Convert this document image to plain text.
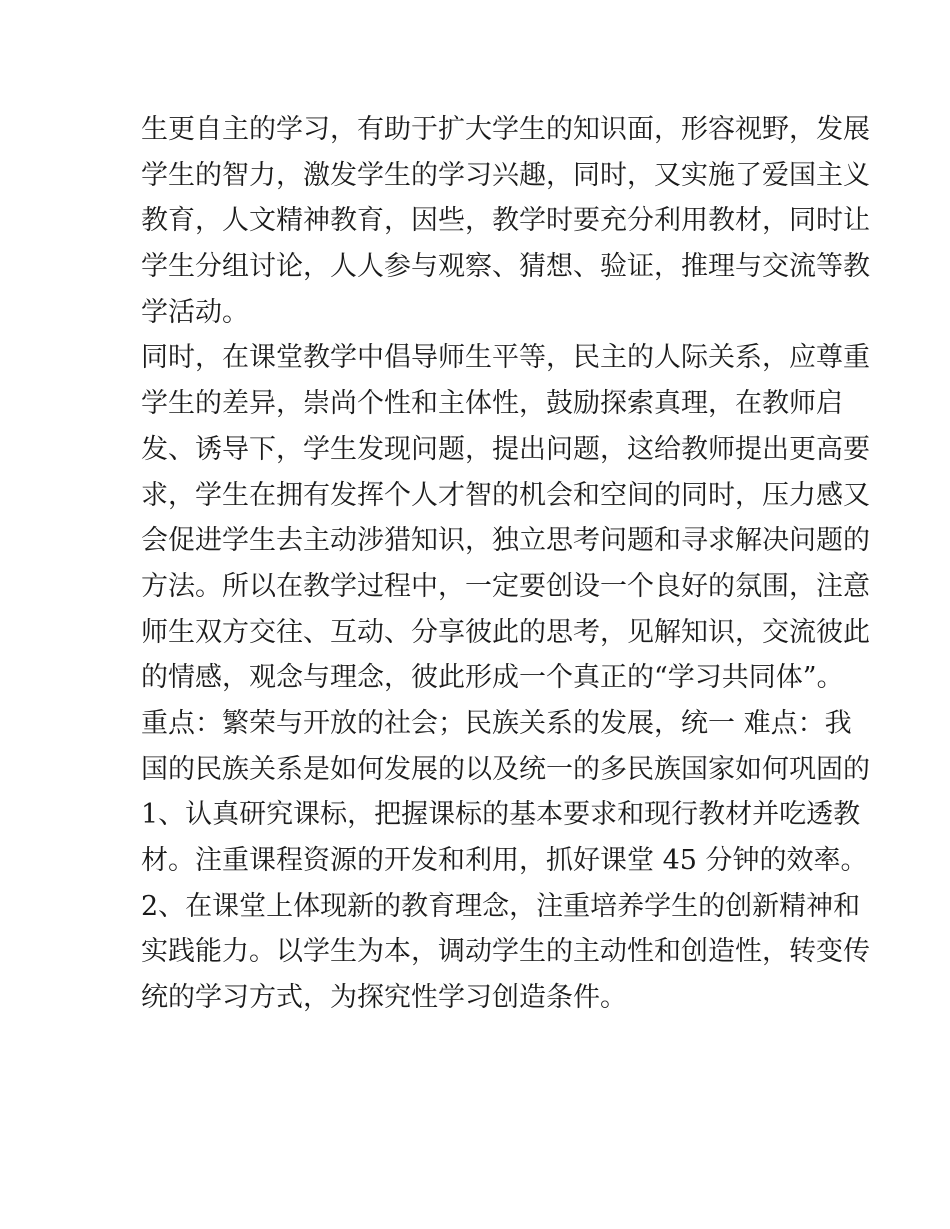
生更自主的学习，有助于扩大学生的知识面，形容视野，发展
学生的智力，激发学生的学习兴趣，同时，又实施了爱国主义
教育，人文精神教育，因些，教学时要充分利用教材，同时让
学生分组讨论，人人参与观察、猜想、验证，推理与交流等教
学活动。
同时，在课堂教学中倡导师生平等，民主的人际关系，应尊重
学生的差异，崇尚个性和主体性，鼓励探索真理，在教师启
发、诱导下，学生发现问题，提出问题，这给教师提出更高要
求，学生在拥有发挥个人才智的机会和空间的同时，压力感又
会促进学生去主动涉猎知识，独立思考问题和寻求解决问题的
方法。所以在教学过程中，一定要创设一个良好的氛围，注意
师生双方交往、互动、分享彼此的思考，见解知识，交流彼此
的情感，观念与理念，彼此形成一个真正的“学习共同体”。
重点：繁荣与开放的社会；民族关系的发展，统一 难点：我
国的民族关系是如何发展的以及统一的多民族国家如何巩固的
1、认真研究课标，把握课标的基本要求和现行教材并吃透教
材。注重课程资源的开发和利用，抓好课堂 45 分钟的效率。
2、在课堂上体现新的教育理念，注重培养学生的创新精神和
实践能力。以学生为本，调动学生的主动性和创造性，转变传
统的学习方式，为探究性学习创造条件。
